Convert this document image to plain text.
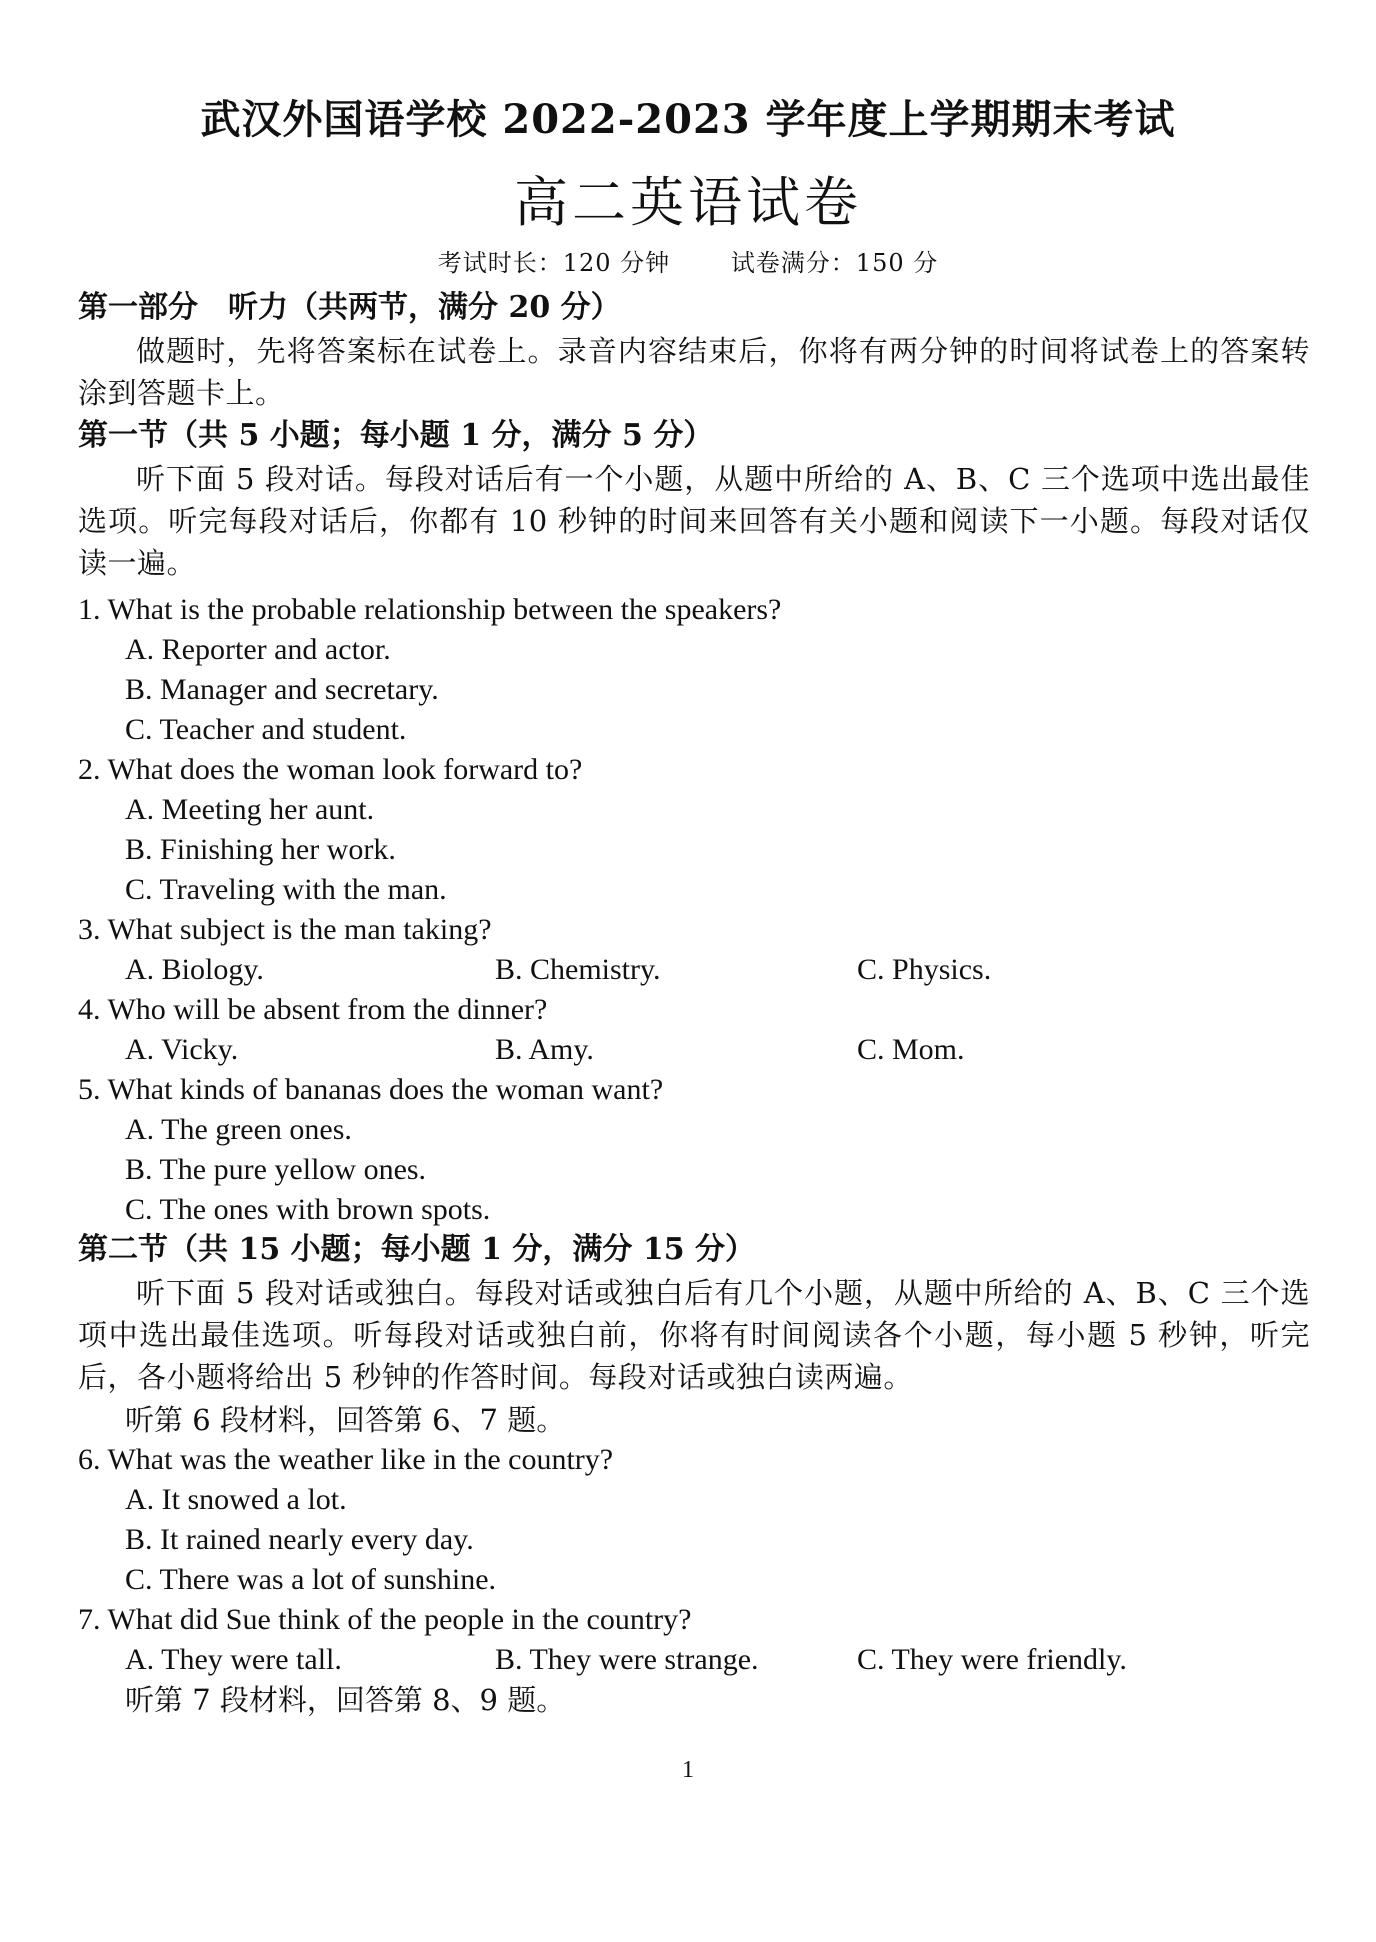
武汉外国语学校 2022-2023 学年度上学期期末考试
高二英语试卷
考试时长：120 分钟	试卷满分：150 分
第一部分　听力（共两节，满分 20 分）
做题时，先将答案标在试卷上。录音内容结束后，你将有两分钟的时间将试卷上的答案转涂到答题卡上。
第一节（共 5 小题；每小题 1 分，满分 5 分）
听下面 5 段对话。每段对话后有一个小题，从题中所给的 A、B、C 三个选项中选出最佳选项。听完每段对话后，你都有 10 秒钟的时间来回答有关小题和阅读下一小题。每段对话仅读一遍。
1. What is the probable relationship between the speakers?
A. Reporter and actor.
B. Manager and secretary.
C. Teacher and student.
2. What does the woman look forward to?
A. Meeting her aunt.
B. Finishing her work.
C. Traveling with the man.
3. What subject is the man taking?
A. Biology.	B. Chemistry.	C. Physics.
4. Who will be absent from the dinner?
A. Vicky.	B. Amy.	C. Mom.
5. What kinds of bananas does the woman want?
A. The green ones.
B. The pure yellow ones.
C. The ones with brown spots.
第二节（共 15 小题；每小题 1 分，满分 15 分）
听下面 5 段对话或独白。每段对话或独白后有几个小题，从题中所给的 A、B、C 三个选项中选出最佳选项。听每段对话或独白前，你将有时间阅读各个小题，每小题 5 秒钟，听完后，各小题将给出 5 秒钟的作答时间。每段对话或独白读两遍。
听第 6 段材料，回答第 6、7 题。
6. What was the weather like in the country?
A. It snowed a lot.
B. It rained nearly every day.
C. There was a lot of sunshine.
7. What did Sue think of the people in the country?
A. They were tall.	B. They were strange.	C. They were friendly.
听第 7 段材料，回答第 8、9 题。
1
